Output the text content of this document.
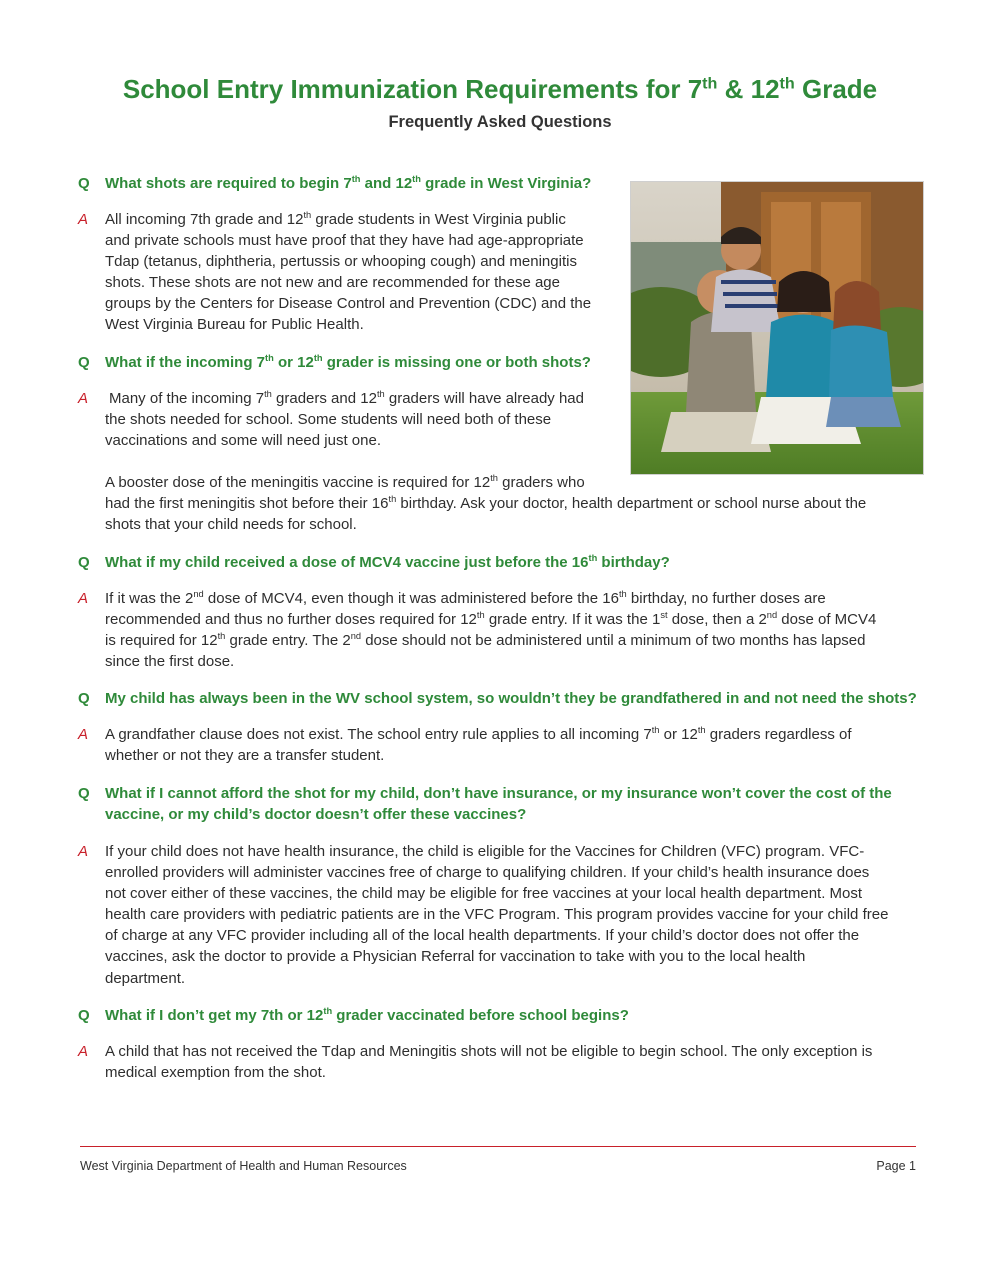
School Entry Immunization Requirements for 7th & 12th Grade
Frequently Asked Questions
Q	What shots are required to begin 7th and 12th grade in West Virginia?
A	All incoming 7th grade and 12th grade students in West Virginia public
and private schools must have proof that they have had age-appropriate
Tdap (tetanus, diphtheria, pertussis or whooping cough) and meningitis
shots. These shots are not new and are recommended for these age
groups by the Centers for Disease Control and Prevention (CDC) and the
West Virginia Bureau for Public Health.
Q	What if the incoming 7th or 12th grader is missing one or both shots?
A	Many of the incoming 7th graders and 12th graders will have already had
the shots needed for school. Some students will need both of these
vaccinations and some will need just one.
A booster dose of the meningitis vaccine is required for 12th graders who
had the first meningitis shot before their 16th birthday. Ask your doctor, health department or school nurse about the
shots that your child needs for school.
Q	What if my child received a dose of MCV4 vaccine just before the 16th birthday?
A	If it was the 2nd dose of MCV4, even though it was administered before the 16th birthday, no further doses are
recommended and thus no further doses required for 12th grade entry. If it was the 1st dose, then a 2nd dose of MCV4
is required for 12th grade entry. The 2nd dose should not be administered until a minimum of two months has lapsed
since the first dose.
Q	My child has always been in the WV school system, so wouldn’t they be grandfathered in and not need the shots?
A	A grandfather clause does not exist. The school entry rule applies to all incoming 7th or 12th graders regardless of
whether or not they are a transfer student.
Q	What if I cannot afford the shot for my child, don’t have insurance, or my insurance won’t cover the cost of the
vaccine, or my child’s doctor doesn’t offer these vaccines?
A	If your child does not have health insurance, the child is eligible for the Vaccines for Children (VFC) program. VFC-
enrolled providers will administer vaccines free of charge to qualifying children. If your child’s health insurance does
not cover either of these vaccines, the child may be eligible for free vaccines at your local health department. Most
health care providers with pediatric patients are in the VFC Program. This program provides vaccine for your child free
of charge at any VFC provider including all of the local health departments. If your child’s doctor does not offer the
vaccines, ask the doctor to provide a Physician Referral for vaccination to take with you to the local health
department.
Q	What if I don’t get my 7th or 12th grader vaccinated before school begins?
A	A child that has not received the Tdap and Meningitis shots will not be eligible to begin school. The only exception is
medical exemption from the shot.
West Virginia Department of Health and Human Resources	Page 1
